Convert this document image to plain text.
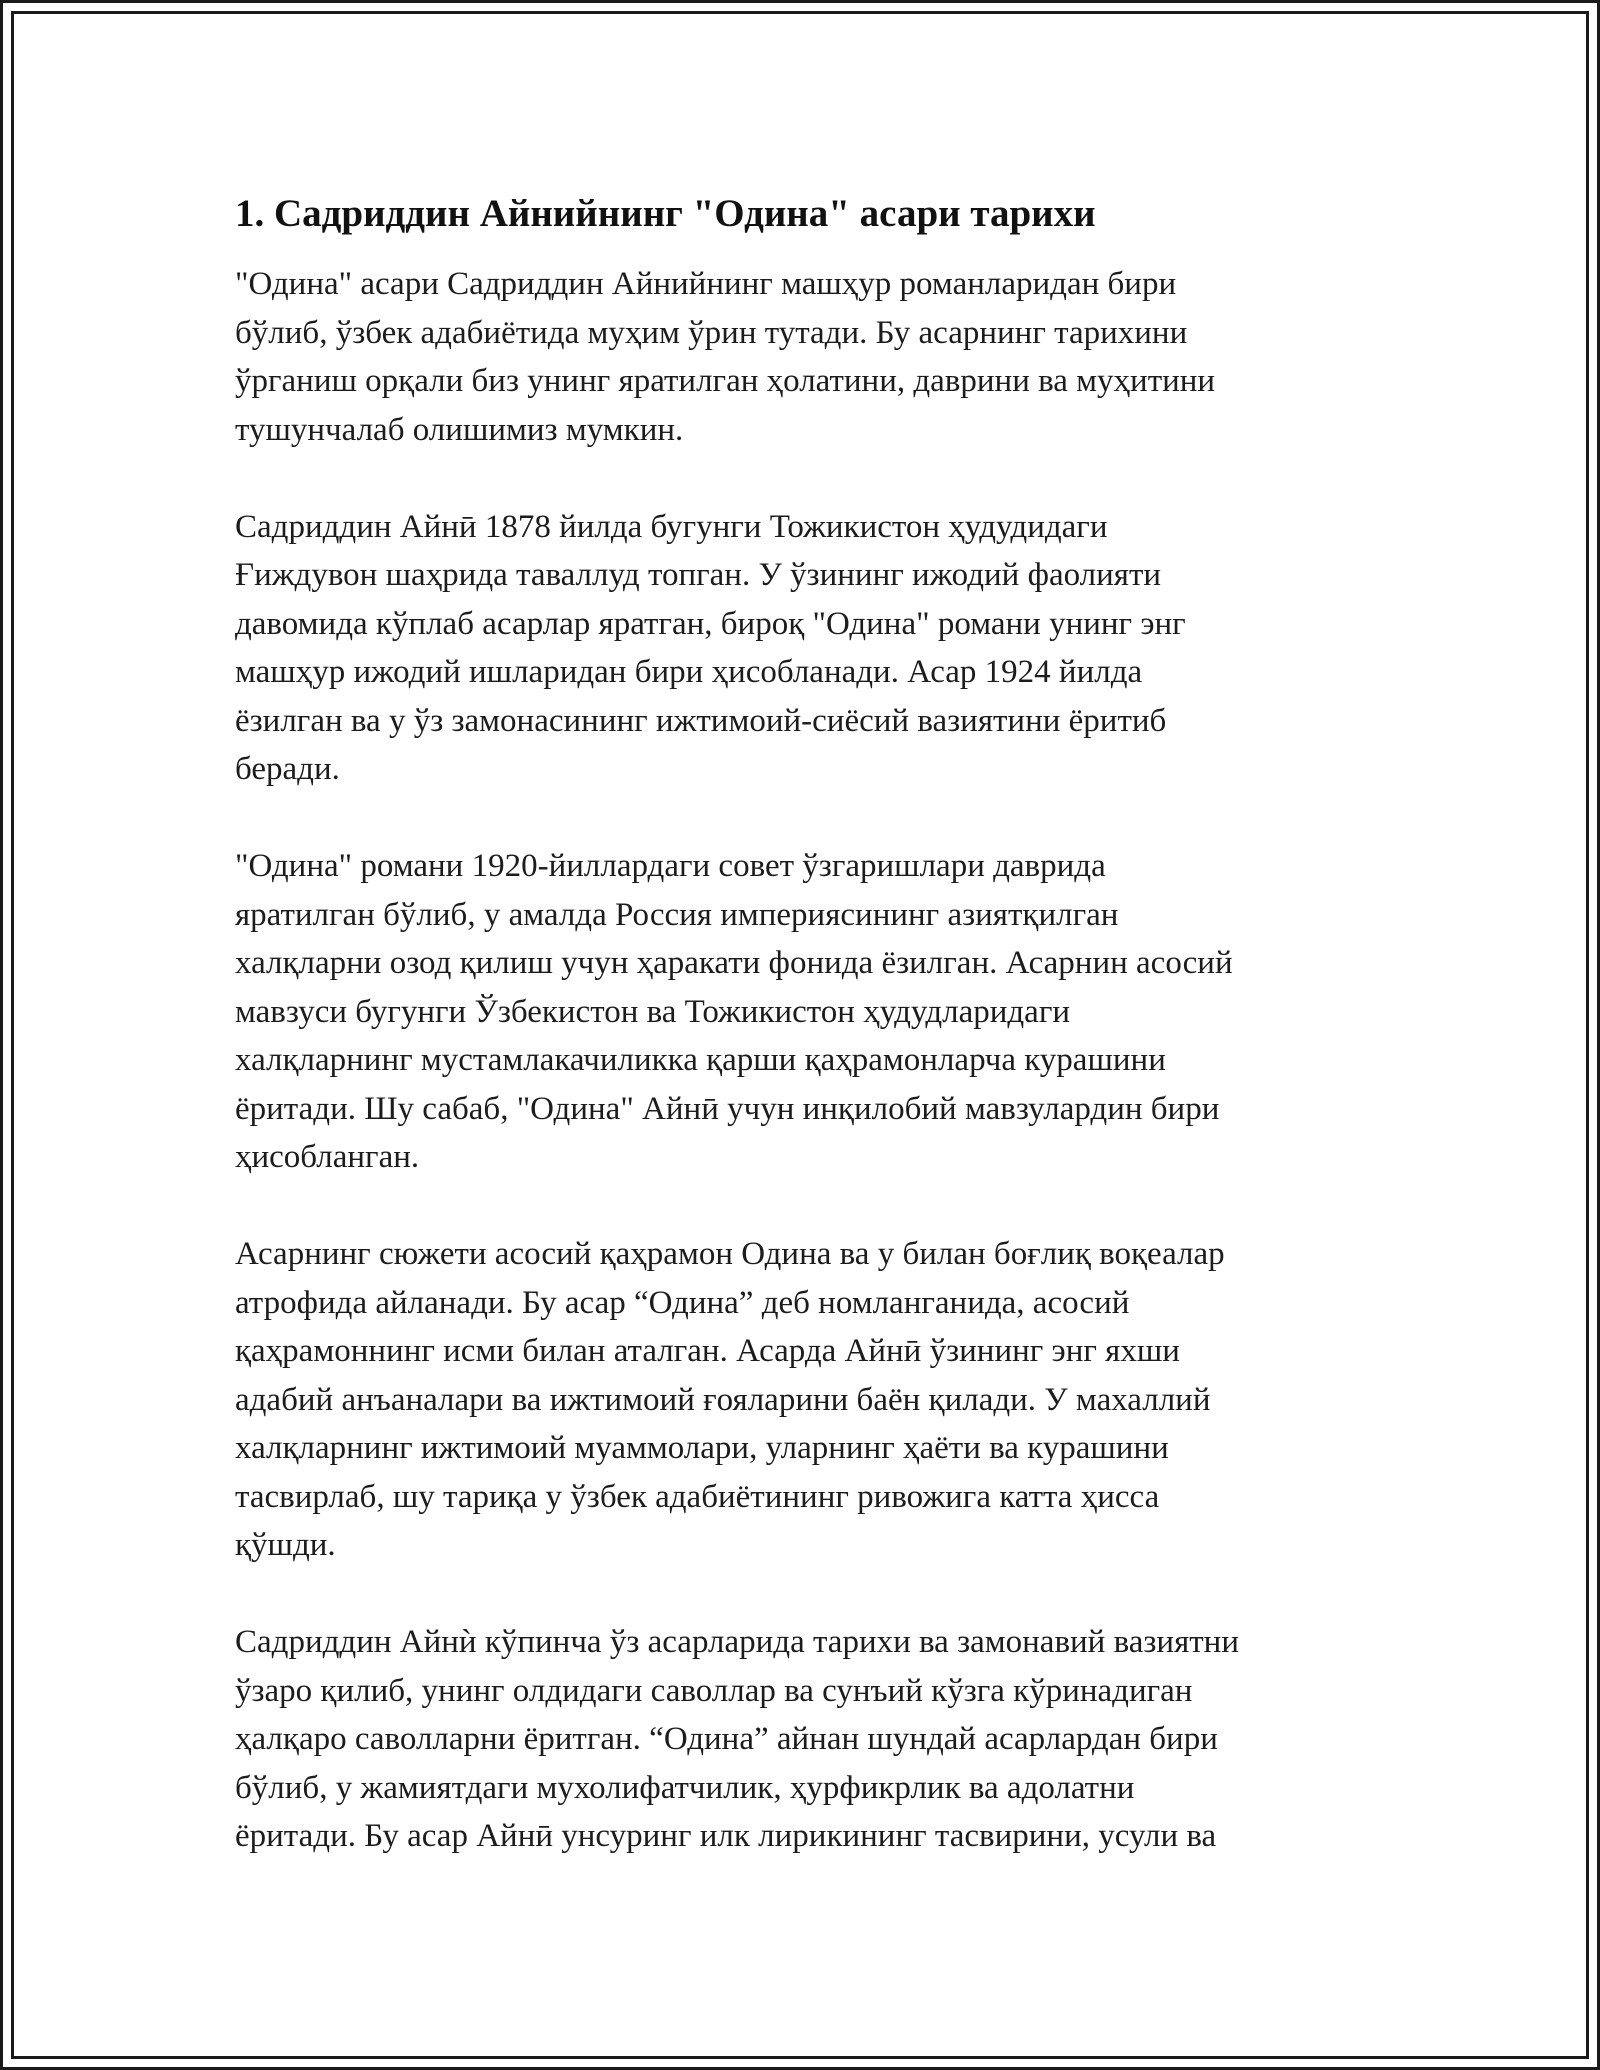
1. Садриддин Айнийнинг "Одина" асари тарихи

"Одина" асари Садриддин Айнийнинг машҳур романларидан бири
бўлиб, ўзбек адабиётида муҳим ўрин тутади. Бу асарнинг тарихини
ўрганиш орқали биз унинг яратилган ҳолатини, даврини ва муҳитини
тушунчалаб олишимиз мумкин.

Садриддин Айнӣ 1878 йилда бугунги Тожикистон ҳудудидаги
Ғиждувон шаҳрида таваллуд топган. У ўзининг ижодий фаолияти
давомида кўплаб асарлар яратган, бироқ "Одина" романи унинг энг
машҳур ижодий ишларидан бири ҳисобланади. Асар 1924 йилда
ёзилган ва у ўз замонасининг ижтимоий-сиёсий вазиятини ёритиб
беради.

"Одина" романи 1920-йиллардаги совет ўзгаришлари даврида
яратилган бўлиб, у амалда Россия империясининг азиятқилган
халқларни озод қилиш учун ҳаракати фонида ёзилган. Асарнин асосий
мавзуси бугунги Ўзбекистон ва Тожикистон ҳудудларидаги
халқларнинг мустамлакачиликка қарши қаҳрамонларча курашини
ёритади. Шу сабаб, "Одина" Айнӣ учун инқилобий мавзулардин бири
ҳисобланган.

Асарнинг сюжети асосий қаҳрамон Одина ва у билан боғлиқ воқеалар
атрофида айланади. Бу асар “Одина” деб номланганида, асосий
қаҳрамоннинг исми билан аталган. Асарда Айнӣ ўзининг энг яхши
адабий анъаналари ва ижтимоий ғояларини баён қилади. У махаллий
халқларнинг ижтимоий муаммолари, уларнинг ҳаёти ва курашини
тасвирлаб, шу тариқа у ўзбек адабиётининг ривожига катта ҳисса
қўшди.

Садриддин Айнѝ кўпинча ўз асарларида тарихи ва замонавий вазиятни
ўзаро қилиб, унинг олдидаги саволлар ва сунъий кўзга кўринадиган
ҳалқаро саволларни ёритган. “Одина” айнан шундай асарлардан бири
бўлиб, у жамиятдаги мухолифатчилик, ҳурфикрлик ва адолатни
ёритади. Бу асар Айнӣ унсуринг илк лирикининг тасвирини, усули ва
